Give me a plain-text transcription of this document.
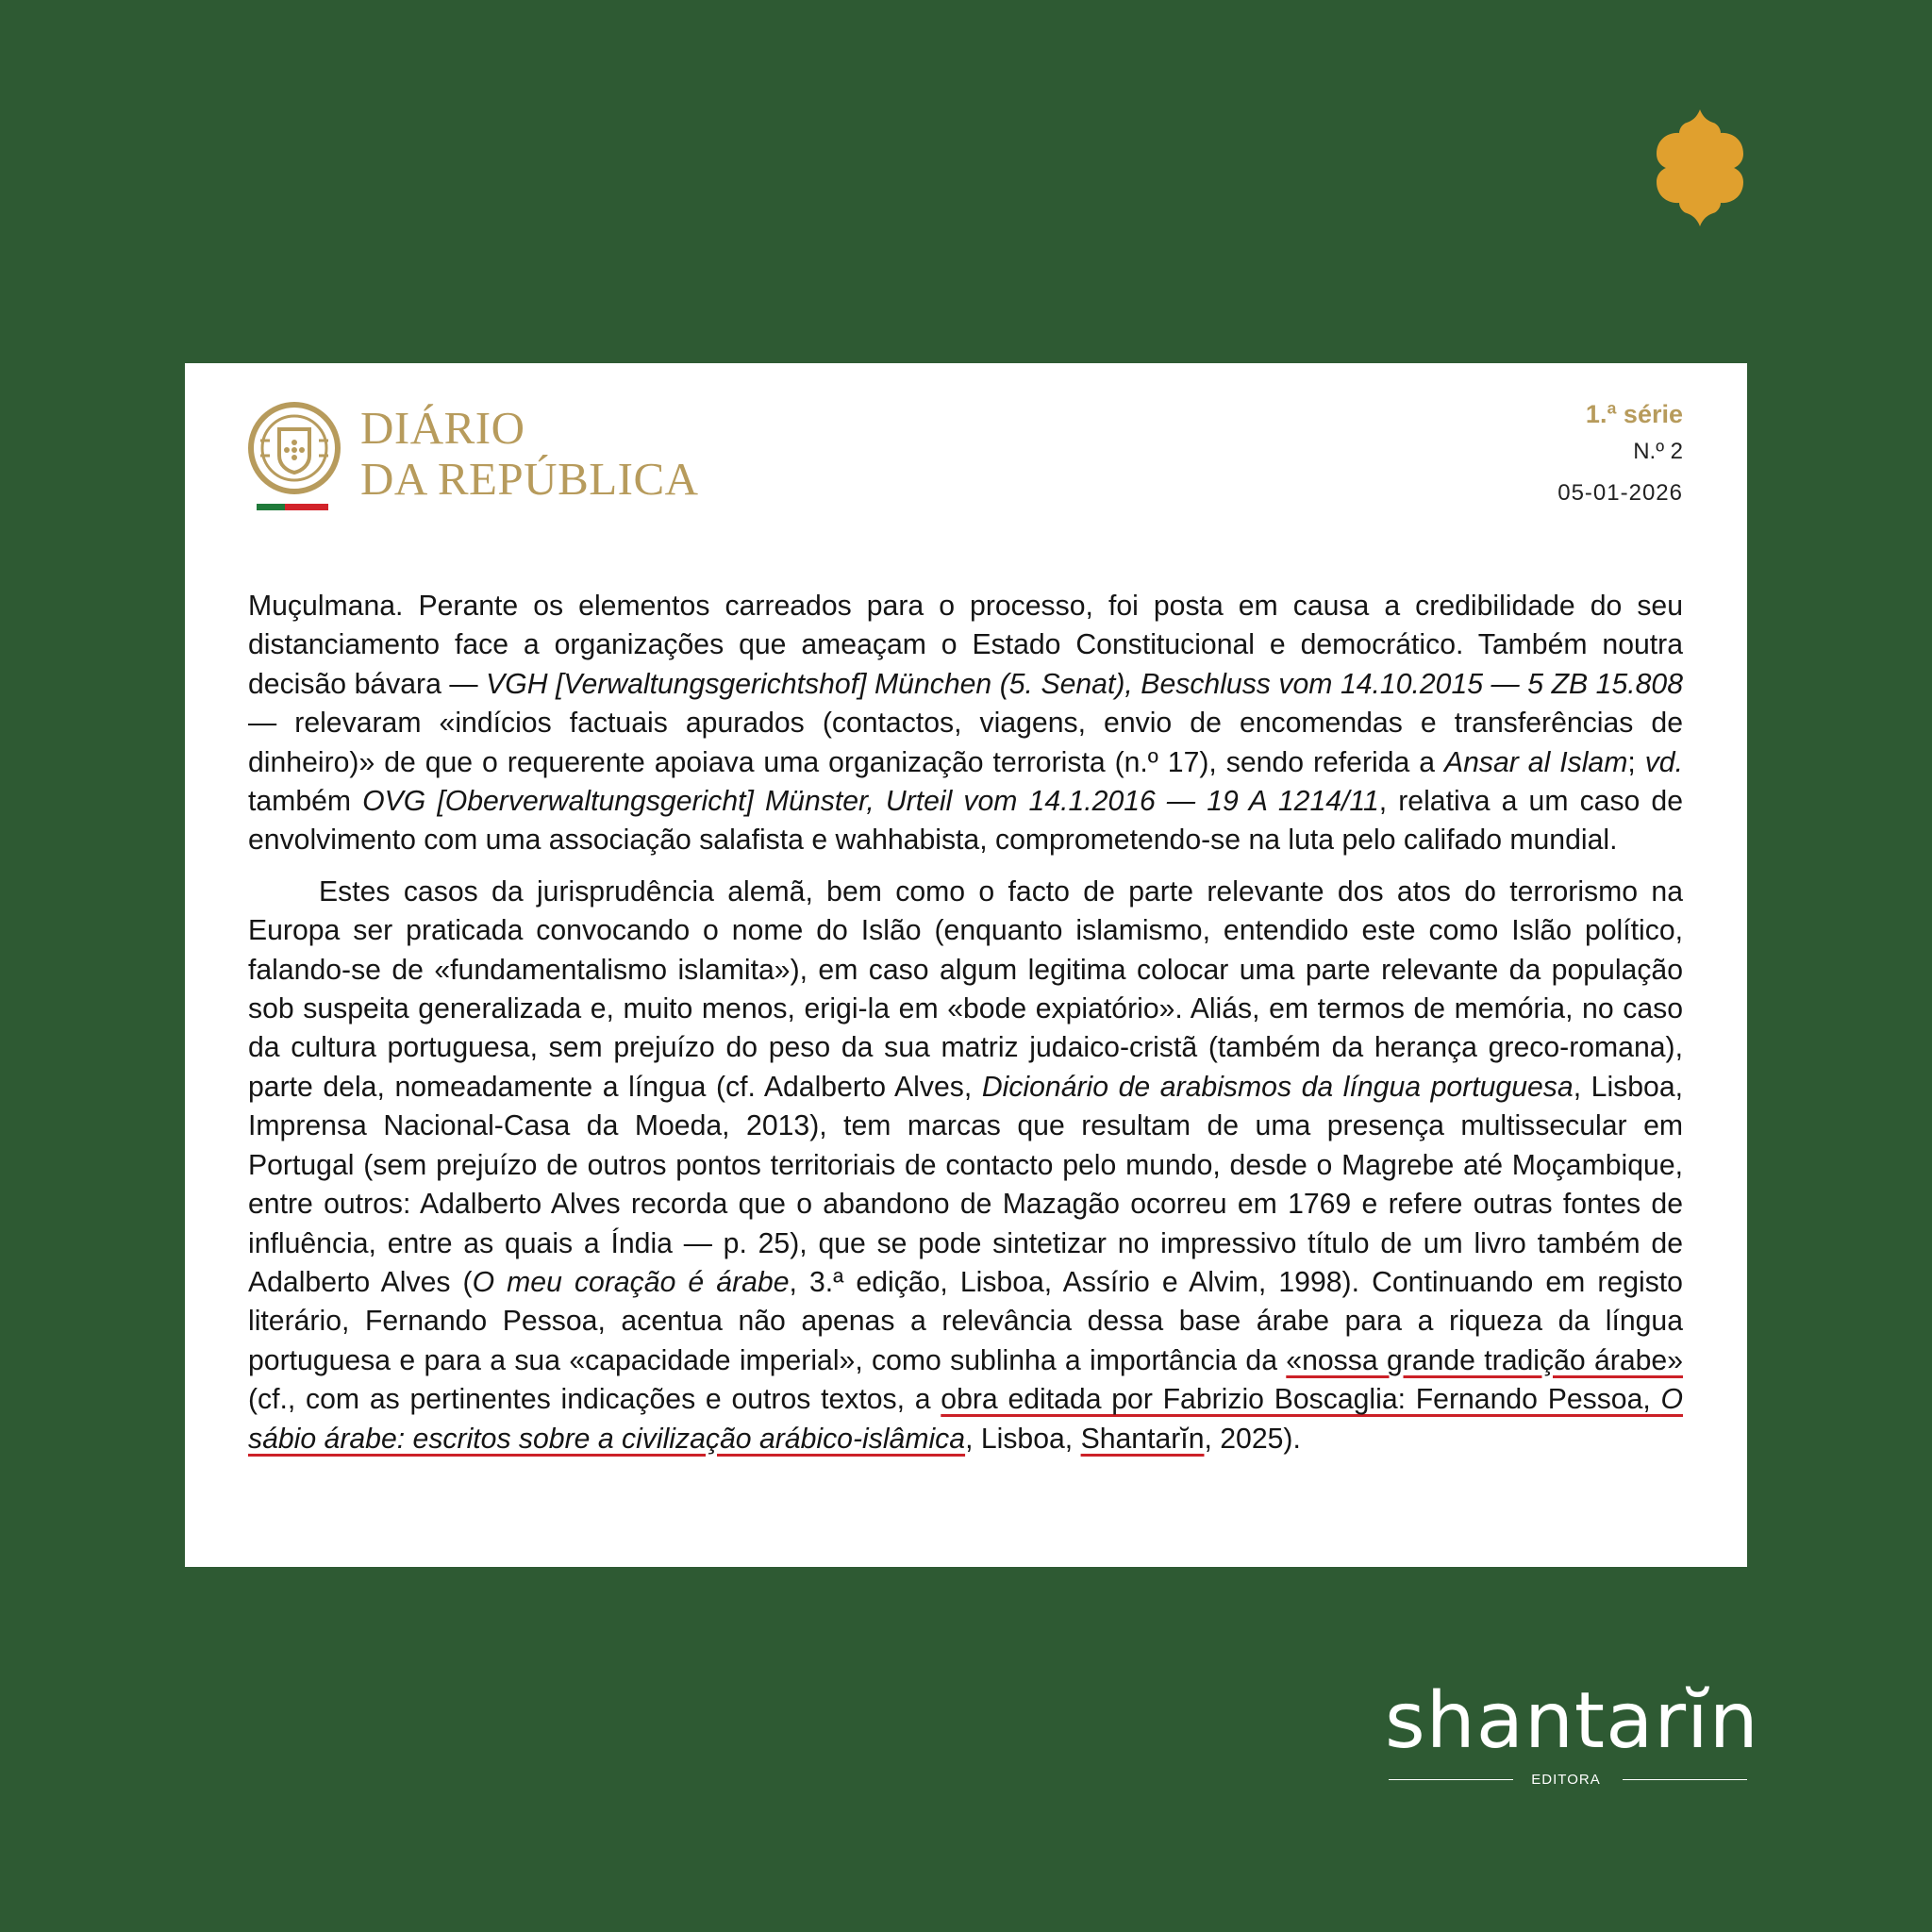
DIÁRIO
DA REPÚBLICA
1.ª série
N.º 2
05-01-2026

Muçulmana. Perante os elementos carreados para o processo, foi posta em causa a credibilidade do seu distanciamento face a organizações que ameaçam o Estado Constitucional e democrático. Também noutra decisão bávara — VGH [Verwaltungsgerichtshof] München (5. Senat), Beschluss vom 14.10.2015 — 5 ZB 15.808 — relevaram «indícios factuais apurados (contactos, viagens, envio de encomendas e transferências de dinheiro)» de que o requerente apoiava uma organização terrorista (n.º 17), sendo referida a Ansar al Islam; vd. também OVG [Oberverwaltungsgericht] Münster, Urteil vom 14.1.2016 — 19 A 1214/11, relativa a um caso de envolvimento com uma associação salafista e wahhabista, comprometendo-se na luta pelo califado mundial.

Estes casos da jurisprudência alemã, bem como o facto de parte relevante dos atos do terrorismo na Europa ser praticada convocando o nome do Islão (enquanto islamismo, entendido este como Islão político, falando-se de «fundamentalismo islamita»), em caso algum legitima colocar uma parte relevante da população sob suspeita generalizada e, muito menos, erigi-la em «bode expiatório». Aliás, em termos de memória, no caso da cultura portuguesa, sem prejuízo do peso da sua matriz judaico-cristã (também da herança greco-romana), parte dela, nomeadamente a língua (cf. Adalberto Alves, Dicionário de arabismos da língua portuguesa, Lisboa, Imprensa Nacional-Casa da Moeda, 2013), tem marcas que resultam de uma presença multissecular em Portugal (sem prejuízo de outros pontos territoriais de contacto pelo mundo, desde o Magrebe até Moçambique, entre outros: Adalberto Alves recorda que o abandono de Mazagão ocorreu em 1769 e refere outras fontes de influência, entre as quais a Índia — p. 25), que se pode sintetizar no impressivo título de um livro também de Adalberto Alves (O meu coração é árabe, 3.ª edição, Lisboa, Assírio e Alvim, 1998). Continuando em registo literário, Fernando Pessoa, acentua não apenas a relevância dessa base árabe para a riqueza da língua portuguesa e para a sua «capacidade imperial», como sublinha a importância da «nossa grande tradição árabe» (cf., com as pertinentes indicações e outros textos, a obra editada por Fabrizio Boscaglia: Fernando Pessoa, O sábio árabe: escritos sobre a civilização arábico-islâmica, Lisboa, Shantarĭn, 2025).

shantarĭn
EDITORA
